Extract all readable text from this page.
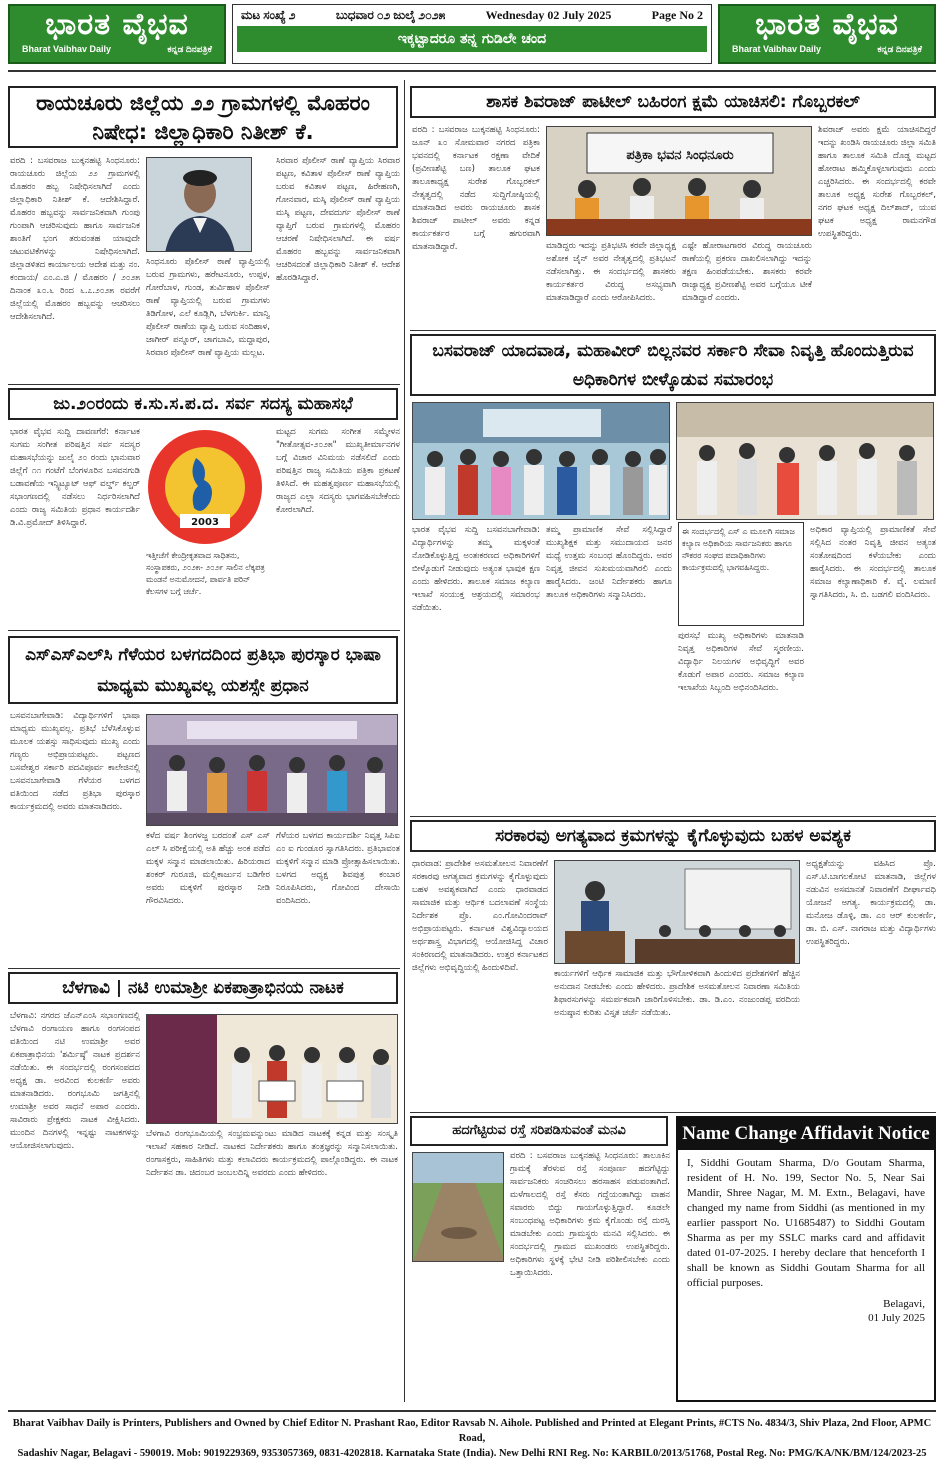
ಭಾರತ ವೈಭವ
Bharat Vaibhav Daily	ಕನ್ನಡ ದಿನಪತ್ರಿಕೆ
ಮಟ ಸಂಖ್ಯೆ ೨	ಬುಧವಾರ ೦೨ ಜುಲೈ ೨೦೨೫	Wednesday 02 July 2025	Page No 2
ಇಕ್ಕಟ್ಟಾದರೂ ತನ್ನ ಗುಡಿಲೇ ಚಂದ	ಭಾರತ ವೈಭವ
Bharat Vaibhav Daily	ಕನ್ನಡ ದಿನಪತ್ರಿಕೆ
ರಾಯಚೂರು ಜಿಲ್ಲೆಯ ೨೨ ಗ್ರಾಮಗಳಲ್ಲಿ ಮೊಹರಂ ನಿಷೇಧ: ಜಿಲ್ಲಾಧಿಕಾರಿ ನಿತೀಶ್ ಕೆ.
ವರದಿ : ಬಸವರಾಜ ಬುಕ್ಕನಹಟ್ಟಿ ಸಿಂಧನೂರು: ರಾಯಚೂರು ಜಿಲ್ಲೆಯ ೨೨ ಗ್ರಾಮಗಳಲ್ಲಿ ಮೊಹರಂ ಹಬ್ಬ ನಿಷೇಧಿಸಲಾಗಿದೆ ಎಂದು ಜಿಲ್ಲಾಧಿಕಾರಿ ನಿತೀಶ್ ಕೆ. ಆದೇಶಿಸಿದ್ದಾರೆ. ಮೊಹರಂ ಹಬ್ಬವನ್ನು ಸಾರ್ವಜನಿಕವಾಗಿ ಗುಂಪು ಗುಂಪಾಗಿ ಆಚರಿಸುವುದು ಹಾಗೂ ಸಾರ್ವಜನಿಕ ಶಾಂತಿಗೆ ಭಂಗ ತರುವಂತಹ ಯಾವುದೇ ಚಟುವಟಿಕೆಗಳನ್ನು ನಿಷೇಧಿಸಲಾಗಿದೆ. ಜಿಲ್ಲಾಡಳಿತದ ಕಾರ್ಯಾಲಯ ಆದೇಶ ಮತ್ತು ನಂ. ಕಂದಾಯ/ ಎಂ.ಎ.ಜಿ / ಮೊಹರಂ / ೨೦೨೫ ದಿನಾಂಕ ೩೦.೬ ರಿಂದ ೬.೭.೨೦೨೫ ರವರೆಗೆ ಜಿಲ್ಲೆಯಲ್ಲಿ ಮೊಹರಂ ಹಬ್ಬವನ್ನು ಆಚರಿಸಲು ಆದೇಶಿಸಲಾಗಿದೆ.
ಸಿಂಧನೂರು ಪೊಲೀಸ್ ಠಾಣೆ ವ್ಯಾಪ್ತಿಯಲ್ಲಿ ಬರುವ ಗ್ರಾಮಗಳು, ಹರೇಟನೂರು, ಉಪ್ಪಳ, ಗೋರೆಬಾಳ, ಗುಂಡ, ತುರ್ವಿಹಾಳ ಪೊಲೀಸ್ ಠಾಣೆ ವ್ಯಾಪ್ತಿಯಲ್ಲಿ ಬರುವ ಗ್ರಾಮಗಳು ತಿಡಿಗೋಳ, ಎಲೆ ಕೂಡ್ಲಿಗಿ, ಬೆಳಗುರ್ಕಿ. ಮಾನ್ವಿ ಪೊಲೀಸ್ ಠಾಣೆಯ ವ್ಯಾಪ್ತಿ ಬರುವ ಸಂದಿಹಾಳ, ಜಾಗೀರ್ ಪನ್ನೂರ್, ಚಾಗಬಾವಿ, ಮದ್ದಾಪುರ, ಸಿರವಾರ ಪೊಲೀಸ್ ಠಾಣೆ ವ್ಯಾಪ್ತಿಯ ಮಲ್ಲಟ.
ಸಿರವಾರ ಪೊಲೀಸ್ ಠಾಣೆ ವ್ಯಾಪ್ತಿಯ ಸಿರವಾರ ಪಟ್ಟಣ, ಕವಿತಾಳ ಪೊಲೀಸ್ ಠಾಣೆ ವ್ಯಾಪ್ತಿಯ ಬರುವ ಕವಿತಾಳ ಪಟ್ಟಣ, ಹಿರೇಹಣಗಿ, ಗೋನವಾರ, ಮಸ್ಕಿ ಪೊಲೀಸ್ ಠಾಣೆ ವ್ಯಾಪ್ತಿಯ ಮಸ್ಕಿ ಪಟ್ಟಣ, ದೇವದುರ್ಗ ಪೊಲೀಸ್ ಠಾಣೆ ವ್ಯಾಪ್ತಿಗೆ ಬರುವ ಗ್ರಾಮಗಳಲ್ಲಿ ಮೊಹರಂ ಆಚರಣೆ ನಿಷೇಧಿಸಲಾಗಿದೆ. ಈ ವರ್ಷ ಮೊಹರಂ ಹಬ್ಬವನ್ನು ಸಾರ್ವಜನಿಕವಾಗಿ ಆಚರಿಸದಂತೆ ಜಿಲ್ಲಾಧಿಕಾರಿ ನಿತೀಶ್ ಕೆ. ಆದೇಶ ಹೊರಡಿಸಿದ್ದಾರೆ.
ಜು.೨೦ರಂದು ಕ.ಸು.ಸ.ಪ.ದ. ಸರ್ವ ಸದಸ್ಯ ಮಹಾಸಭೆ
ಭಾರತ ವೈಭವ ಸುದ್ದಿ ದಾವಣಗೆರೆ: ಕರ್ನಾಟಕ ಸುಗಮ ಸಂಗೀತ ಪರಿಷತ್ತಿನ ಸರ್ವ ಸದಸ್ಯರ ಮಹಾಸಭೆಯನ್ನು ಜುಲೈ ೨೦ ರಂದು ಭಾನುವಾರ ಜಿಲ್ಲೆಗೆ ೧೧ ಗಂಟೆಗೆ ಬೆಂಗಳೂರಿನ ಬಸವನಗುಡಿ ಬಡಾವಣೆಯ ಇನ್ಸ್ಟಿಟ್ಯೂಟ್ ಆಫ್ ವರ್ಲ್ಡ್ ಕಲ್ಚರ್ ಸಭಾಂಗಣದಲ್ಲಿ ನಡೆಸಲು ನಿರ್ಧರಿಸಲಾಗಿದೆ ಎಂದು ರಾಜ್ಯ ಸಮಿತಿಯ ಪ್ರಧಾನ ಕಾರ್ಯದರ್ಶಿ ಡಿ.ವಿ.ಪ್ರಮೋದ್ ತಿಳಿಸಿದ್ದಾರೆ.	2003
ಇತ್ತೀಚೆಗೆ ಕೇಂದ್ರೀಕೃತವಾದ ಸಾಧಿತನು, ಸಂಸ್ಥಾಪಕರು, ೨೦೨೫- ೨೦೨೯ ಸಾಲಿನ ಲೆಕ್ಕಪತ್ರ ಮಂಡನೆ ಅನುಮೋದನೆ, ಪಾರ್ವತಿ ಪರಿನ್ ಕೆಲಸಗಳ ಬಗ್ಗೆ ಚರ್ಚೆ.
ಮಟ್ಟದ ಸುಗಮ ಸಂಗೀತ ಸಮ್ಮೇಳನ "ಗೀತೋತ್ಸವ-೨೦೨೫" ಮುಖ್ಯತೀರ್ಮಾನಗಳ ಬಗ್ಗೆ ವಿಚಾರ ವಿನಿಮಯ ನಡೆಸಲಿದೆ ಎಂದು ಪರಿಷತ್ತಿನ ರಾಜ್ಯ ಸಮಿತಿಯ ಪತ್ರಿಕಾ ಪ್ರಕಟಣೆ ತಿಳಿಸಿದೆ. ಈ ಮಹತ್ವಪೂರ್ಣ ಮಹಾಸಭೆಯಲ್ಲಿ ರಾಜ್ಯದ ಎಲ್ಲಾ ಸದಸ್ಯರು ಭಾಗವಹಿಸಬೇಕೆಂದು ಕೋರಲಾಗಿದೆ.
ಎಸ್‌ಎಸ್‌ಎಲ್‌ಸಿ ಗೆಳೆಯರ ಬಳಗದದಿಂದ ಪ್ರತಿಭಾ ಪುರಸ್ಕಾರ ಭಾಷಾ ಮಾಧ್ಯಮ ಮುಖ್ಯವಲ್ಲ ಯಶಸ್ಸೇ ಪ್ರಧಾನ
ಬಸವನಬಾಗೇವಾಡಿ: ವಿದ್ಯಾರ್ಥಿಗಳಿಗೆ ಭಾಷಾ ಮಾಧ್ಯಮ ಮುಖ್ಯವಲ್ಲ. ಪ್ರತಿಭೆ ಬೆಳೆಸಿಕೊಳ್ಳುವ ಮೂಲಕ ಯಶಸ್ಸು ಸಾಧಿಸುವುದು ಮುಖ್ಯ ಎಂದು ಗಣ್ಯರು ಅಭಿಪ್ರಾಯಪಟ್ಟರು. ಪಟ್ಟಣದ ಬಸವೇಶ್ವರ ಸರ್ಕಾರಿ ಪದವಿಪೂರ್ವ ಕಾಲೇಜಿನಲ್ಲಿ ಬಸವನಬಾಗೇವಾಡಿ ಗೆಳೆಯರ ಬಳಗದ ವತಿಯಿಂದ ನಡೆದ ಪ್ರತಿಭಾ ಪುರಸ್ಕಾರ ಕಾರ್ಯಕ್ರಮದಲ್ಲಿ ಅವರು ಮಾತನಾಡಿದರು.
ಕಳೆದ ವರ್ಷ ಶಿಂಗಳಜ್ಜ ಬರದಂತೆ ಎಸ್ ಎಸ್ ಎಲ್ ಸಿ ಪರೀಕ್ಷೆಯಲ್ಲಿ ಅತಿ ಹೆಚ್ಚು ಅಂಕ ಪಡೆದ ಮಕ್ಕಳ ಸನ್ಮಾನ ಮಾಡಲಾಯಿತು. ಹಿರಿಯರಾದ ಶಂಕರ್ ಗುರೂಜಿ, ಮಲ್ಲಿಕಾರ್ಜುನ ಬಡಿಗೇರ ಅವರು ಮಕ್ಕಳಿಗೆ ಪುರಸ್ಕಾರ ನೀಡಿ ಗೌರವಿಸಿದರು.
ಗೆಳೆಯರ ಬಳಗದ ಕಾರ್ಯದರ್ಶಿ ನಿವೃತ್ತ ಸಿಪಿಐ ಎಂ ಐ ಗುಂಡೂರ ಸ್ವಾಗತಿಸಿದರು. ಪ್ರತಿಭಾವಂತ ಮಕ್ಕಳಿಗೆ ಸನ್ಮಾನ ಮಾಡಿ ಪ್ರೋತ್ಸಾಹಿಸಲಾಯಿತು. ಬಳಗದ ಅಧ್ಯಕ್ಷ ಶಿವಪುತ್ರ ಕಂಬಾರ ನಿರೂಪಿಸಿದರು, ಗೋವಿಂದ ದೇಸಾಯಿ ವಂದಿಸಿದರು.
ಬೆಳಗಾವಿ | ನಟಿ ಉಮಾಶ್ರೀ ಏಕಪಾತ್ರಾಭಿನಯ ನಾಟಕ
ಬೆಳಗಾವಿ: ನಗರದ ಜೆಎನ್‌ಎಂಸಿ ಸಭಾಂಗಣದಲ್ಲಿ ಬೆಳಗಾವಿ ರಂಗಾಯಣ ಹಾಗೂ ರಂಗಸಂಪದ ವತಿಯಿಂದ ನಟಿ ಉಮಾಶ್ರೀ ಅವರ ಏಕಪಾತ್ರಾಭಿನಯ 'ಶರ್ಮಿಷ್ಠೆ' ನಾಟಕ ಪ್ರದರ್ಶನ ನಡೆಯಿತು. ಈ ಸಂದರ್ಭದಲ್ಲಿ ರಂಗಸಂಪದದ ಅಧ್ಯಕ್ಷ ಡಾ. ಅರವಿಂದ ಕುಲಕರ್ಣಿ ಅವರು ಮಾತನಾಡಿದರು. ರಂಗಭೂಮಿ ಜಗತ್ತಿನಲ್ಲಿ ಉಮಾಶ್ರೀ ಅವರ ಸಾಧನೆ ಅಪಾರ ಎಂದರು. ಸಾವಿರಾರು ಪ್ರೇಕ್ಷಕರು ನಾಟಕ ವೀಕ್ಷಿಸಿದರು. ಮುಂದಿನ ದಿನಗಳಲ್ಲಿ ಇನ್ನಷ್ಟು ನಾಟಕಗಳನ್ನು ಆಯೋಜಿಸಲಾಗುವುದು.
ಬೆಳಗಾವಿ ರಂಗಭೂಮಿಯಲ್ಲಿ ಸಂಭ್ರಮವನ್ನುಂಟು ಮಾಡಿದ ನಾಟಕಕ್ಕೆ ಕನ್ನಡ ಮತ್ತು ಸಂಸ್ಕೃತಿ ಇಲಾಖೆ ಸಹಕಾರ ನೀಡಿದೆ. ನಾಟಕದ ನಿರ್ದೇಶಕರು ಹಾಗೂ ತಂತ್ರಜ್ಞರನ್ನು ಸನ್ಮಾನಿಸಲಾಯಿತು. ರಂಗಾಸಕ್ತರು, ಸಾಹಿತಿಗಳು ಮತ್ತು ಕಲಾವಿದರು ಕಾರ್ಯಕ್ರಮದಲ್ಲಿ ಪಾಲ್ಗೊಂಡಿದ್ದರು. ಈ ನಾಟಕ ನಿರ್ದೇಶನ ಡಾ. ಚಿದಂಬರ ಜಂಬಲದಿನ್ನಿ ಅವರದು ಎಂದು ಹೇಳಿದರು.
ಶಾಸಕ ಶಿವರಾಜ್ ಪಾಟೀಲ್ ಬಹಿರಂಗ ಕ್ಷಮೆ ಯಾಚಿಸಲಿ: ಗೊಬ್ಬರಕಲ್
ವರದಿ : ಬಸವರಾಜ ಬುಕ್ಕನಹಟ್ಟಿ ಸಿಂಧನೂರು: ಜೂನ್ ೩೦ ಸೋಮವಾರ ನಗರದ ಪತ್ರಿಕಾ ಭವನದಲ್ಲಿ ಕರ್ನಾಟಕ ರಕ್ಷಣಾ ವೇದಿಕೆ (ಪ್ರವೀಣಶೆಟ್ಟಿ ಬಣ) ತಾಲೂಕ ಘಟಕ ತಾಲೂಕಾಧ್ಯಕ್ಷ ಸುರೇಶ ಗೊಬ್ಬರಕಲ್ ನೇತೃತ್ವದಲ್ಲಿ ನಡೆದ ಸುದ್ದಿಗೋಷ್ಠಿಯಲ್ಲಿ ಮಾತನಾಡಿದ ಅವರು ರಾಯಚೂರು ಶಾಸಕ ಶಿವರಾಜ್ ಪಾಟೀಲ್ ಅವರು ಕನ್ನಡ ಕಾರ್ಯಕರ್ತರ ಬಗ್ಗೆ ಹಗುರವಾಗಿ ಮಾತನಾಡಿದ್ದಾರೆ.
ಪತ್ರಿಕಾ ಭವನ ಸಿಂಧನೂರು
ಮಾಡಿದ್ದರು ಇದನ್ನು ಪ್ರತಿಭಟಿಸಿ ಕರವೇ ಜಿಲ್ಲಾಧ್ಯಕ್ಷ ಅಶೋಕ ಜೈನ್ ಅವರ ನೇತೃತ್ವದಲ್ಲಿ ಪ್ರತಿಭಟನೆ ನಡೆಸಲಾಗಿತ್ತು. ಈ ಸಂದರ್ಭದಲ್ಲಿ ಶಾಸಕರು ಕಾರ್ಯಕರ್ತರ ವಿರುದ್ಧ ಅಸಭ್ಯವಾಗಿ ಮಾತನಾಡಿದ್ದಾರೆ ಎಂದು ಆರೋಪಿಸಿದರು.
ಎಷ್ಟೇ ಹೋರಾಟಗಾರರ ವಿರುದ್ಧ ರಾಯಚೂರು ಠಾಣೆಯಲ್ಲಿ ಪ್ರಕರಣ ದಾಖಲಿಸಲಾಗಿದ್ದು ಇದನ್ನು ತಕ್ಷಣ ಹಿಂಪಡೆಯಬೇಕು. ಶಾಸಕರು ಕರವೇ ರಾಜ್ಯಾಧ್ಯಕ್ಷ ಪ್ರವೀಣಶೆಟ್ಟಿ ಅವರ ಬಗ್ಗೆಯೂ ಟೀಕೆ ಮಾಡಿದ್ದಾರೆ ಎಂದರು.
ಶಿವರಾಜ್ ಅವರು ಕ್ಷಮೆ ಯಾಚಿಸದಿದ್ದರೆ ಇದನ್ನು ಖಂಡಿಸಿ ರಾಯಚೂರು ಜಿಲ್ಲಾ ಸಮಿತಿ ಹಾಗೂ ತಾಲೂಕ ಸಮಿತಿ ದೊಡ್ಡ ಮಟ್ಟದ ಹೋರಾಟ ಹಮ್ಮಿಕೊಳ್ಳಲಾಗುವುದು ಎಂದು ಎಚ್ಚರಿಸಿದರು. ಈ ಸಂದರ್ಭದಲ್ಲಿ ಕರವೇ ತಾಲೂಕ ಅಧ್ಯಕ್ಷ ಸುರೇಶ ಗೊಬ್ಬರಕಲ್, ನಗರ ಘಟಕ ಅಧ್ಯಕ್ಷ ದಿಲ್‌ಶಾದ್, ಯುವ ಘಟಕ ಅಧ್ಯಕ್ಷ ರಾಮನಗೌಡ ಉಪಸ್ಥಿತರಿದ್ದರು.
ಬಸವರಾಜ್ ಯಾದವಾಡ, ಮಹಾವೀರ್ ಬಿಲ್ಲನವರ ಸರ್ಕಾರಿ ಸೇವಾ ನಿವೃತ್ತಿ ಹೊಂದುತ್ತಿರುವ ಅಧಿಕಾರಿಗಳ ಬೀಳ್ಕೊಡುವ ಸಮಾರಂಭ
ಭಾರತ ವೈಭವ ಸುದ್ದಿ ಬಸವನಬಾಗೇವಾಡಿ: ವಿದ್ಯಾರ್ಥಿಗಳನ್ನು ತಮ್ಮ ಮಕ್ಕಳಂತೆ ನೋಡಿಕೊಳ್ಳುತ್ತಿದ್ದ ಅಂತಃಕರಣದ ಅಧಿಕಾರಿಗಳಿಗೆ ಬೀಳ್ಕೊಡುಗೆ ನೀಡುವುದು ಅತ್ಯಂತ ಭಾವುಕ ಕ್ಷಣ ಎಂದು ಹೇಳಿದರು. ತಾಲೂಕ ಸಮಾಜ ಕಲ್ಯಾಣ ಇಲಾಖೆ ಸಂಯುಕ್ತ ಆಶ್ರಯದಲ್ಲಿ ಸಮಾರಂಭ ನಡೆಯಿತು.
ತಮ್ಮ ಪ್ರಾಮಾಣಿಕ ಸೇವೆ ಸಲ್ಲಿಸಿದ್ದಾರೆ ಮುಖ್ಯಶಿಕ್ಷಕ ಮತ್ತು ಸಮುದಾಯದ ಜನರ ಮಧ್ಯೆ ಉತ್ತಮ ಸಂಬಂಧ ಹೊಂದಿದ್ದರು. ಅವರ ನಿವೃತ್ತ ಜೀವನ ಸುಖಮಯವಾಗಿರಲಿ ಎಂದು ಹಾರೈಸಿದರು. ಜಂಟಿ ನಿರ್ದೇಶಕರು ಹಾಗೂ ತಾಲೂಕ ಅಧಿಕಾರಿಗಳು ಸನ್ಮಾನಿಸಿದರು.
ಈ ಸಂದರ್ಭದಲ್ಲಿ ಎಸ್ ಎ ಮೂಲಗಿ ಸಮಾಜ ಕಲ್ಯಾಣ ಅಧಿಕಾರಿಯ ಸಾರ್ವಜನಿಕರು ಹಾಗೂ ನೌಕರರ ಸಂಘದ ಪದಾಧಿಕಾರಿಗಳು ಕಾರ್ಯಕ್ರಮದಲ್ಲಿ ಭಾಗವಹಿಸಿದ್ದರು.
ಪುರಸಭೆ ಮುಖ್ಯ ಅಧಿಕಾರಿಗಳು ಮಾತನಾಡಿ ನಿವೃತ್ತ ಅಧಿಕಾರಿಗಳ ಸೇವೆ ಸ್ಮರಣೀಯ. ವಿದ್ಯಾರ್ಥಿ ನಿಲಯಗಳ ಅಭಿವೃದ್ಧಿಗೆ ಅವರ ಕೊಡುಗೆ ಅಪಾರ ಎಂದರು. ಸಮಾಜ ಕಲ್ಯಾಣ ಇಲಾಖೆಯ ಸಿಬ್ಬಂದಿ ಅಭಿನಂದಿಸಿದರು.
ಅಧಿಕಾರ ವ್ಯಾಪ್ತಿಯಲ್ಲಿ ಪ್ರಾಮಾಣಿಕತೆ ಸೇವೆ ಸಲ್ಲಿಸಿದ ನಂತರ ನಿವೃತ್ತಿ ಜೀವನ ಅತ್ಯಂತ ಸಂತೋಷದಿಂದ ಕಳೆಯಬೇಕು ಎಂದು ಹಾರೈಸಿದರು. ಈ ಸಂದರ್ಭದಲ್ಲಿ ತಾಲೂಕ ಸಮಾಜ ಕಲ್ಯಾಣಾಧಿಕಾರಿ ಕೆ. ವೈ. ಲಮಾಣಿ ಸ್ವಾಗತಿಸಿದರು, ಸಿ. ಬಿ. ಬಡಗಲಿ ವಂದಿಸಿದರು.
ಸರಕಾರವು ಅಗತ್ಯವಾದ ಕ್ರಮಗಳನ್ನು ಕೈಗೊಳ್ಳುವುದು ಬಹಳ ಅವಶ್ಯಕ
ಧಾರವಾಡ: ಪ್ರಾದೇಶಿಕ ಅಸಮತೋಲನ ನಿವಾರಣೆಗೆ ಸರಕಾರವು ಅಗತ್ಯವಾದ ಕ್ರಮಗಳನ್ನು ಕೈಗೊಳ್ಳುವುದು ಬಹಳ ಅವಶ್ಯಕವಾಗಿದೆ ಎಂದು ಧಾರವಾಡದ ಸಾಮಾಜಿಕ ಮತ್ತು ಆರ್ಥಿಕ ಬದಲಾವಣೆ ಸಂಸ್ಥೆಯ ನಿರ್ದೇಶಕ ಪ್ರೊ. ಎಂ.ಗೋವಿಂದರಾವ್ ಅಭಿಪ್ರಾಯಪಟ್ಟರು. ಕರ್ನಾಟಕ ವಿಶ್ವವಿದ್ಯಾಲಯದ ಅರ್ಥಶಾಸ್ತ್ರ ವಿಭಾಗದಲ್ಲಿ ಆಯೋಜಿಸಿದ್ದ ವಿಚಾರ ಸಂಕಿರಣದಲ್ಲಿ ಮಾತನಾಡಿದರು. ಉತ್ತರ ಕರ್ನಾಟಕದ ಜಿಲ್ಲೆಗಳು ಅಭಿವೃದ್ಧಿಯಲ್ಲಿ ಹಿಂದುಳಿದಿವೆ.
ಕಾರ್ಯಗಳಿಗೆ ಆರ್ಥಿಕ ಸಾಮಾಜಿಕ ಮತ್ತು ಭೌಗೋಳಿಕವಾಗಿ ಹಿಂದುಳಿದ ಪ್ರದೇಶಗಳಿಗೆ ಹೆಚ್ಚಿನ ಅನುದಾನ ನೀಡಬೇಕು ಎಂದು ಹೇಳಿದರು. ಪ್ರಾದೇಶಿಕ ಅಸಮತೋಲನ ನಿವಾರಣಾ ಸಮಿತಿಯ ಶಿಫಾರಸುಗಳನ್ನು ಸಮರ್ಪಕವಾಗಿ ಜಾರಿಗೊಳಿಸಬೇಕು. ಡಾ. ಡಿ.ಎಂ. ನಂಜುಂಡಪ್ಪ ವರದಿಯ ಅನುಷ್ಠಾನ ಕುರಿತು ವಿಸ್ತೃತ ಚರ್ಚೆ ನಡೆಯಿತು.
ಅಧ್ಯಕ್ಷತೆಯನ್ನು ವಹಿಸಿದ ಪ್ರೊ. ಎಸ್.ಟಿ.ಬಾಗಲಕೋಟಿ ಮಾತನಾಡಿ, ಜಿಲ್ಲೆಗಳ ನಡುವಿನ ಅಸಮಾನತೆ ನಿವಾರಣೆಗೆ ದೀರ್ಘಾವಧಿ ಯೋಜನೆ ಅಗತ್ಯ. ಕಾರ್ಯಕ್ರಮದಲ್ಲಿ ಡಾ. ಮನೋಜ ಡೊಳ್ಳಿ, ಡಾ. ಎಂ ಆರ್ ಕುಲಕರ್ಣಿ, ಡಾ. ಬಿ. ಎಸ್. ನಾಗರಾಜ ಮತ್ತು ವಿದ್ಯಾರ್ಥಿಗಳು ಉಪಸ್ಥಿತರಿದ್ದರು.
ಹದಗೆಟ್ಟಿರುವ ರಸ್ತೆ ಸರಿಪಡಿಸುವಂತೆ ಮನವಿ
ವರದಿ : ಬಸವರಾಜ ಬುಕ್ಕನಹಟ್ಟಿ ಸಿಂಧನೂರು: ತಾಲೂಕಿನ ಗ್ರಾಮಕ್ಕೆ ತೆರಳುವ ರಸ್ತೆ ಸಂಪೂರ್ಣ ಹದಗೆಟ್ಟಿದ್ದು ಸಾರ್ವಜನಿಕರು ಸಂಚರಿಸಲು ಹರಸಾಹಸ ಪಡುವಂತಾಗಿದೆ. ಮಳೆಗಾಲದಲ್ಲಿ ರಸ್ತೆ ಕೆಸರು ಗದ್ದೆಯಂತಾಗಿದ್ದು ವಾಹನ ಸವಾರರು ಬಿದ್ದು ಗಾಯಗೊಳ್ಳುತ್ತಿದ್ದಾರೆ. ಕೂಡಲೇ ಸಂಬಂಧಪಟ್ಟ ಅಧಿಕಾರಿಗಳು ಕ್ರಮ ಕೈಗೊಂಡು ರಸ್ತೆ ದುರಸ್ತಿ ಮಾಡಬೇಕು ಎಂದು ಗ್ರಾಮಸ್ಥರು ಮನವಿ ಸಲ್ಲಿಸಿದರು. ಈ ಸಂದರ್ಭದಲ್ಲಿ ಗ್ರಾಮದ ಮುಖಂಡರು ಉಪಸ್ಥಿತರಿದ್ದರು. ಅಧಿಕಾರಿಗಳು ಸ್ಥಳಕ್ಕೆ ಭೇಟಿ ನೀಡಿ ಪರಿಶೀಲಿಸಬೇಕು ಎಂದು ಒತ್ತಾಯಿಸಿದರು.
Name Change Affidavit Notice
I, Siddhi Goutam Sharma, D/o Goutam Sharma, resident of H. No. 199, Sector No. 5, Near Sai Mandir, Shree Nagar, M. M. Extn., Belagavi, have changed my name from Siddhi (as mentioned in my earlier passport No. U1685487) to Siddhi Goutam Sharma as per my SSLC marks card and affidavit dated 01-07-2025. I hereby declare that henceforth I shall be known as Siddhi Goutam Sharma for all official purposes.
Belagavi,
01 July 2025
Bharat Vaibhav Daily is Printers, Publishers and Owned by Chief Editor N. Prashant Rao, Editor Ravsab N. Aihole. Published and Printed at Elegant Prints, #CTS No. 4834/3, Shiv Plaza, 2nd Floor, APMC Road,
Sadashiv Nagar, Belagavi - 590019. Mob: 9019229369, 9353057369, 0831-4202818. Karnataka State (India). New Delhi RNI Reg. No: KARBIL0/2013/51768, Postal Reg. No: PMG/KA/NK/BM/124/2023-25
